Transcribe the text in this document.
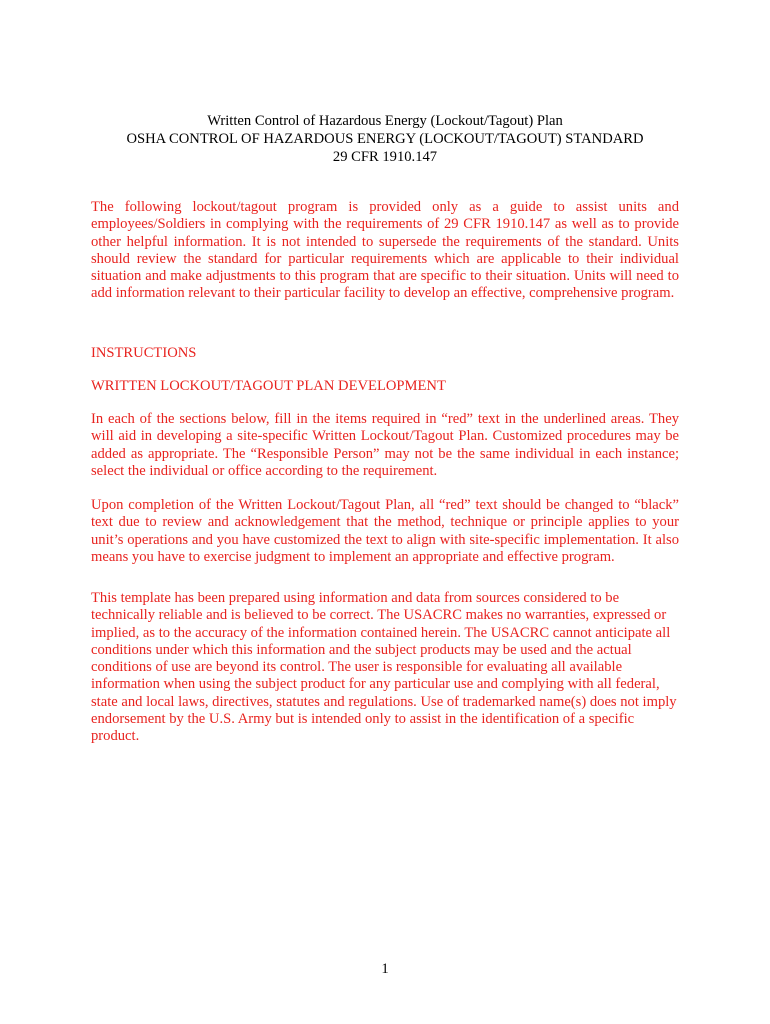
Written Control of Hazardous Energy (Lockout/Tagout) Plan
OSHA CONTROL OF HAZARDOUS ENERGY (LOCKOUT/TAGOUT) STANDARD
29 CFR 1910.147

The following lockout/tagout program is provided only as a guide to assist units and employees/Soldiers in complying with the requirements of 29 CFR 1910.147 as well as to provide other helpful information. It is not intended to supersede the requirements of the standard. Units should review the standard for particular requirements which are applicable to their individual situation and make adjustments to this program that are specific to their situation. Units will need to add information relevant to their particular facility to develop an effective, comprehensive program.

INSTRUCTIONS

WRITTEN LOCKOUT/TAGOUT PLAN DEVELOPMENT

In each of the sections below, fill in the items required in “red” text in the underlined areas. They will aid in developing a site-specific Written Lockout/Tagout Plan. Customized procedures may be added as appropriate. The “Responsible Person” may not be the same individual in each instance; select the individual or office according to the requirement.

Upon completion of the Written Lockout/Tagout Plan, all “red” text should be changed to “black” text due to review and acknowledgement that the method, technique or principle applies to your unit’s operations and you have customized the text to align with site-specific implementation. It also means you have to exercise judgment to implement an appropriate and effective program.

This template has been prepared using information and data from sources considered to be technically reliable and is believed to be correct. The USACRC makes no warranties, expressed or implied, as to the accuracy of the information contained herein. The USACRC cannot anticipate all conditions under which this information and the subject products may be used and the actual conditions of use are beyond its control. The user is responsible for evaluating all available information when using the subject product for any particular use and complying with all federal, state and local laws, directives, statutes and regulations. Use of trademarked name(s) does not imply endorsement by the U.S. Army but is intended only to assist in the identification of a specific product.

1
